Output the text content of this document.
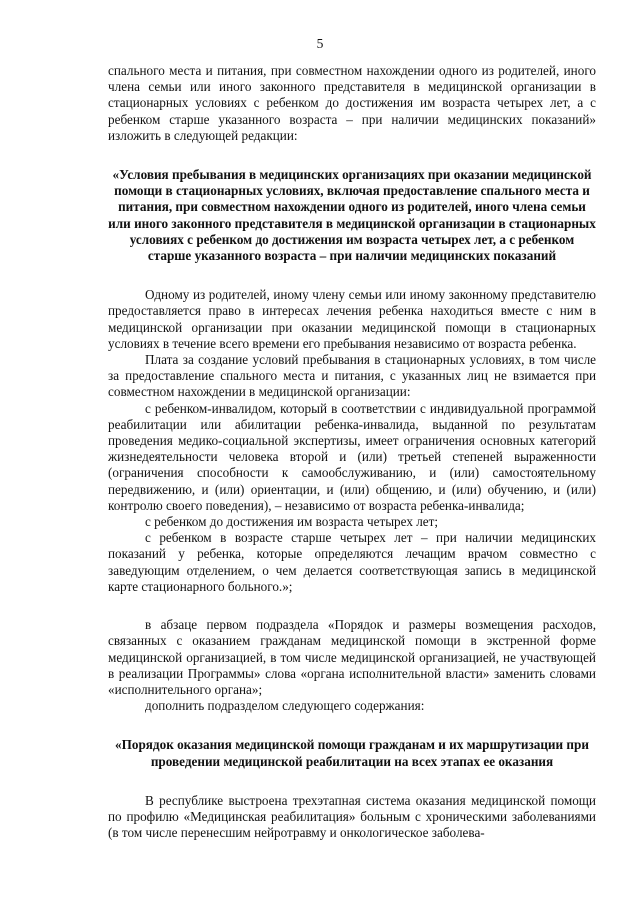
5

спального места и питания, при совместном нахождении одного из родителей, иного члена семьи или иного законного представителя в медицинской организации в стационарных условиях с ребенком до достижения им возраста четырех лет, а с ребенком старше указанного возраста – при наличии медицинских показаний» изложить в следующей редакции:

«Условия пребывания в медицинских организациях при оказании медицинской помощи в стационарных условиях, включая предоставление спального места и питания, при совместном нахождении одного из родителей, иного члена семьи или иного законного представителя в медицинской организации в стационарных условиях с ребенком до достижения им возраста четырех лет, а с ребенком старше указанного возраста – при наличии медицинских показаний

Одному из родителей, иному члену семьи или иному законному представителю предоставляется право в интересах лечения ребенка находиться вместе с ним в медицинской организации при оказании медицинской помощи в стационарных условиях в течение всего времени его пребывания независимо от возраста ребенка.

Плата за создание условий пребывания в стационарных условиях, в том числе за предоставление спального места и питания, с указанных лиц не взимается при совместном нахождении в медицинской организации:

с ребенком-инвалидом, который в соответствии с индивидуальной программой реабилитации или абилитации ребенка-инвалида, выданной по результатам проведения медико-социальной экспертизы, имеет ограничения основных категорий жизнедеятельности человека второй и (или) третьей степеней выраженности (ограничения способности к самообслуживанию, и (или) самостоятельному передвижению, и (или) ориентации, и (или) общению, и (или) обучению, и (или) контролю своего поведения), – независимо от возраста ребенка-инвалида;

с ребенком до достижения им возраста четырех лет;

с ребенком в возрасте старше четырех лет – при наличии медицинских показаний у ребенка, которые определяются лечащим врачом совместно с заведующим отделением, о чем делается соответствующая запись в медицинской карте стационарного больного.»;

в абзаце первом подраздела «Порядок и размеры возмещения расходов, связанных с оказанием гражданам медицинской помощи в экстренной форме медицинской организацией, в том числе медицинской организацией, не участвующей в реализации Программы» слова «органа исполнительной власти» заменить словами «исполнительного органа»;

дополнить подразделом следующего содержания:

«Порядок оказания медицинской помощи гражданам и их маршрутизации при проведении медицинской реабилитации на всех этапах ее оказания

В республике выстроена трехэтапная система оказания медицинской помощи по профилю «Медицинская реабилитация» больным с хроническими заболеваниями (в том числе перенесшим нейротравму и онкологическое заболева-
